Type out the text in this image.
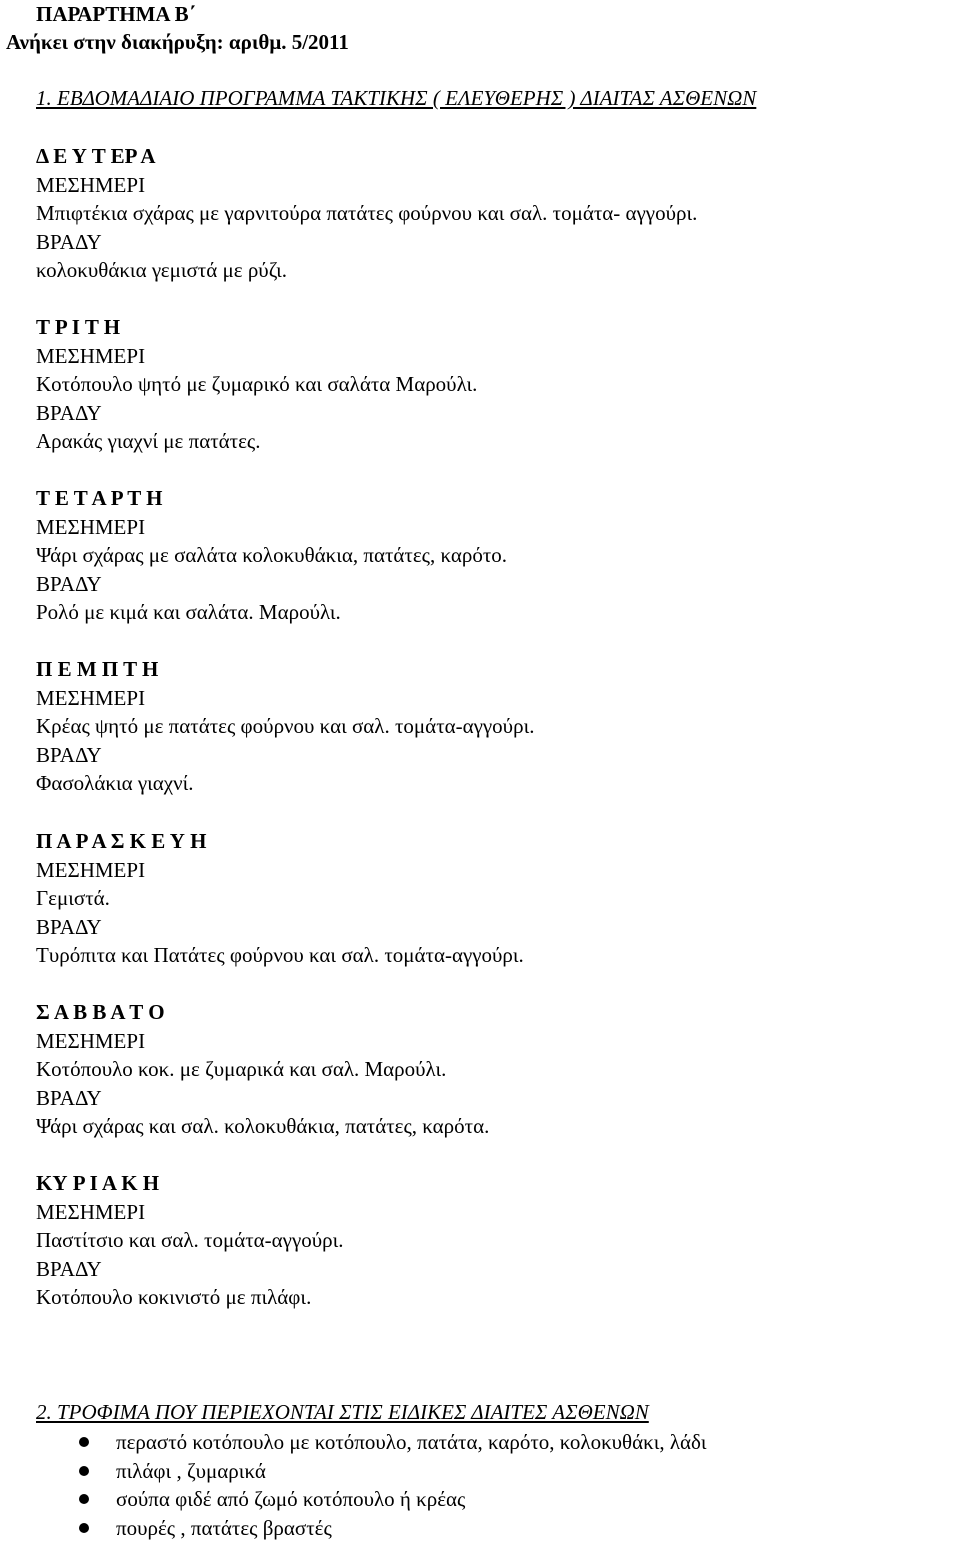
ΠΑΡΑΡΤΗΜΑ Β΄
Ανήκει στην διακήρυξη: αριθμ. 5/2011
1. ΕΒΔΟΜΑΔΙΑΙΟ ΠΡΟΓΡΑΜΜΑ ΤΑΚΤΙΚΗΣ ( ΕΛΕΥΘΕΡΗΣ ) ΔΙΑΙΤΑΣ ΑΣΘΕΝΩΝ
Δ Ε Υ Τ ΕΡ Α
ΜΕΣΗΜΕΡΙ
Μπιφτέκια σχάρας με γαρνιτούρα πατάτες φούρνου και σαλ. τομάτα- αγγούρι.
ΒΡΑΔΥ
κολοκυθάκια γεμιστά με ρύζι.
Τ Ρ Ι Τ Η
ΜΕΣΗΜΕΡΙ
Κοτόπουλο ψητό με ζυμαρικό και σαλάτα Μαρούλι.
ΒΡΑΔΥ
Αρακάς γιαχνί με πατάτες.
Τ Ε Τ Α Ρ Τ Η
ΜΕΣΗΜΕΡΙ
Ψάρι σχάρας με σαλάτα κολοκυθάκια, πατάτες, καρότο.
ΒΡΑΔΥ
Ρολό με κιμά και σαλάτα. Μαρούλι.
Π Ε Μ Π Τ Η
ΜΕΣΗΜΕΡΙ
Κρέας ψητό με πατάτες φούρνου και σαλ. τομάτα-αγγούρι.
ΒΡΑΔΥ
Φασολάκια γιαχνί.
Π Α Ρ Α Σ Κ Ε Υ Η
ΜΕΣΗΜΕΡΙ
Γεμιστά.
ΒΡΑΔΥ
Τυρόπιτα και Πατάτες φούρνου και σαλ. τομάτα-αγγούρι.
Σ Α Β Β Α Τ Ο
ΜΕΣΗΜΕΡΙ
Κοτόπουλο κοκ. με ζυμαρικά και σαλ. Μαρούλι.
ΒΡΑΔΥ
Ψάρι σχάρας και σαλ. κολοκυθάκια, πατάτες, καρότα.
ΚΥ Ρ Ι Α Κ Η
ΜΕΣΗΜΕΡΙ
Παστίτσιο και σαλ. τομάτα-αγγούρι.
ΒΡΑΔΥ
Κοτόπουλο κοκινιστό με πιλάφι.
2. ΤΡΟΦΙΜΑ ΠΟΥ ΠΕΡΙΕΧΟΝΤΑΙ ΣΤΙΣ ΕΙΔΙΚΕΣ ΔΙΑΙΤΕΣ ΑΣΘΕΝΩΝ
περαστό κοτόπουλο με κοτόπουλο, πατάτα, καρότο, κολοκυθάκι, λάδι
πιλάφι , ζυμαρικά
σούπα φιδέ από ζωμό κοτόπουλο ή κρέας
πουρές , πατάτες βραστές
